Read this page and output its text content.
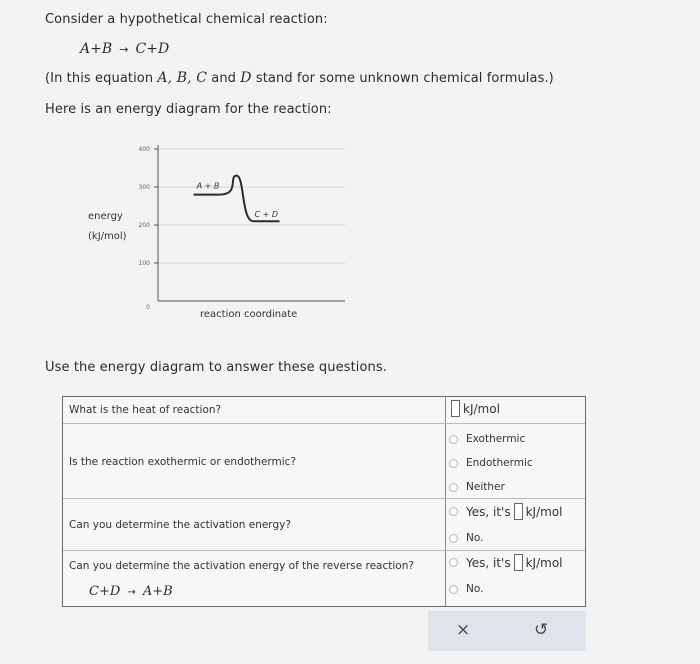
Consider a hypothetical chemical reaction:
A+B → C+D
(In this equation A, B, C and D stand for some unknown chemical formulas.)
Here is an energy diagram for the reaction:
0
100
200
300
400
A + B
C + D
energy
(kJ/mol)
reaction coordinate
Use the energy diagram to answer these questions.
What is the heat of reaction?	kJ/mol
Is the reaction exothermic or endothermic?
Exothermic
Endothermic
Neither
Can you determine the activation energy?
Yes, it's kJ/mol
No.
Can you determine the activation energy of the reverse reaction?
C+D → A+B
Yes, it's kJ/mol
No.
×	↺
